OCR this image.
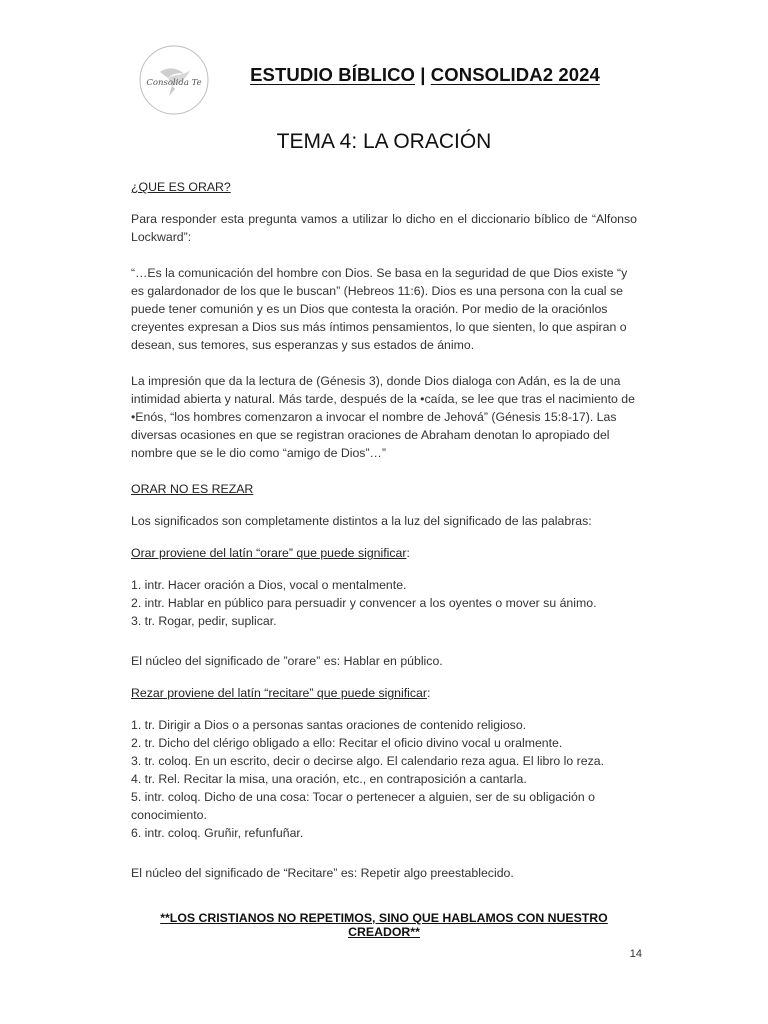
Consolida Te	ESTUDIO BÍBLICO | CONSOLIDA2 2024
TEMA 4: LA ORACIÓN

¿QUE ES ORAR?

Para responder esta pregunta vamos a utilizar lo dicho en el diccionario bíblico de “Alfonso Lockward”:

“…Es la comunicación del hombre con Dios. Se basa en la seguridad de que Dios existe “y es galardonador de los que le buscan” (Hebreos 11:6). Dios es una persona con la cual se puede tener comunión y es un Dios que contesta la oración. Por medio de la oraciónlos creyentes expresan a Dios sus más íntimos pensamientos, lo que sienten, lo que aspiran o desean, sus temores, sus esperanzas y sus estados de ánimo.

La impresión que da la lectura de (Génesis 3), donde Dios dialoga con Adán, es la de una intimidad abierta y natural. Más tarde, después de la •caída, se lee que tras el nacimiento de •Enós, “los hombres comenzaron a invocar el nombre de Jehová” (Génesis 15:8-17). Las diversas ocasiones en que se registran oraciones de Abraham denotan lo apropiado del nombre que se le dio como “amigo de Dios”…”

ORAR NO ES REZAR

Los significados son completamente distintos a la luz del significado de las palabras:

Orar proviene del latín “orare” que puede significar:

1. intr. Hacer oración a Dios, vocal o mentalmente.
2. intr. Hablar en público para persuadir y convencer a los oyentes o mover su ánimo.
3. tr. Rogar, pedir, suplicar.

El núcleo del significado de ”orare” es: Hablar en público.

Rezar proviene del latín “recitare” que puede significar:

1. tr. Dirigir a Dios o a personas santas oraciones de contenido religioso.
2. tr. Dicho del clérigo obligado a ello: Recitar el oficio divino vocal u oralmente.
3. tr. coloq. En un escrito, decir o decirse algo. El calendario reza agua. El libro lo reza.
4. tr. Rel. Recitar la misa, una oración, etc., en contraposición a cantarla.
5. intr. coloq. Dicho de una cosa: Tocar o pertenecer a alguien, ser de su obligación o conocimiento.
6. intr. coloq. Gruñir, refunfuñar.

El núcleo del significado de “Recitare” es: Repetir algo preestablecido.

**LOS CRISTIANOS NO REPETIMOS, SINO QUE HABLAMOS CON NUESTRO CREADOR**
14
